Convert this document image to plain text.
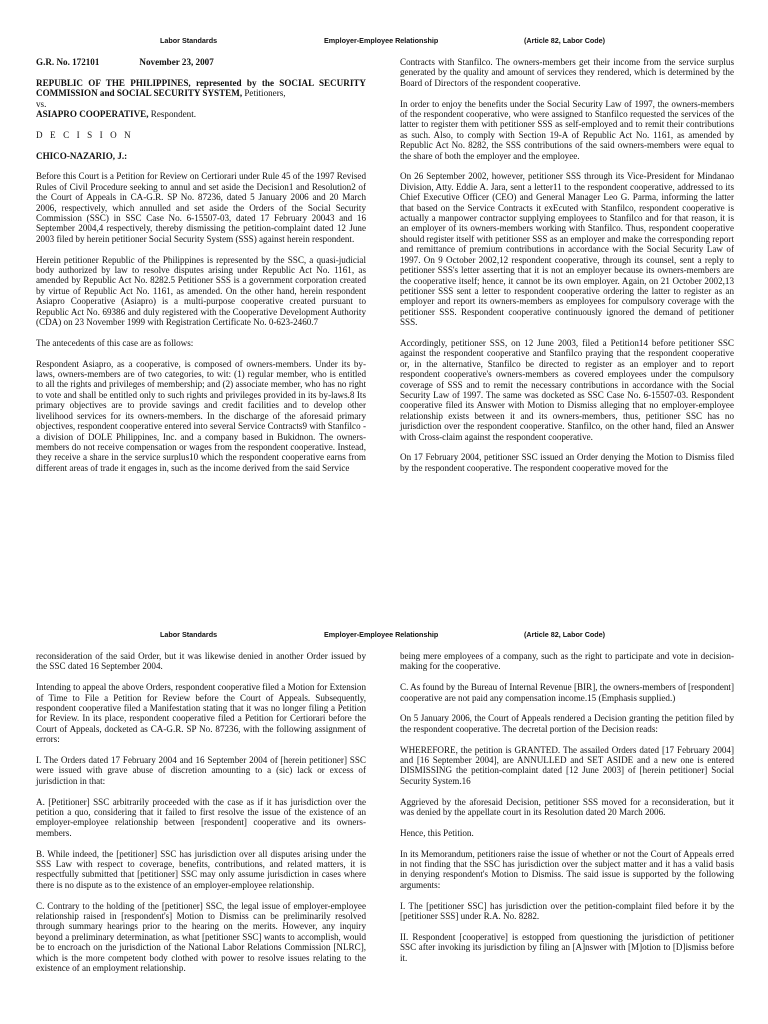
Labor Standards	Employer-Employee Relationship	(Article 82, Labor Code)
G.R. No. 172101	November 23, 2007
REPUBLIC OF THE PHILIPPINES, represented by the SOCIAL SECURITY COMMISSION and SOCIAL SECURITY SYSTEM, Petitioners,
vs.
ASIAPRO COOPERATIVE, Respondent.

D E C I S I O N

CHICO-NAZARIO, J.:

Before this Court is a Petition for Review on Certiorari under Rule 45 of the 1997 Revised Rules of Civil Procedure seeking to annul and set aside the Decision1 and Resolution2 of the Court of Appeals in CA-G.R. SP No. 87236, dated 5 January 2006 and 20 March 2006, respectively, which annulled and set aside the Orders of the Social Security Commission (SSC) in SSC Case No. 6-15507-03, dated 17 February 20043 and 16 September 2004,4 respectively, thereby dismissing the petition-complaint dated 12 June 2003 filed by herein petitioner Social Security System (SSS) against herein respondent.

Herein petitioner Republic of the Philippines is represented by the SSC, a quasi-judicial body authorized by law to resolve disputes arising under Republic Act No. 1161, as amended by Republic Act No. 8282.5 Petitioner SSS is a government corporation created by virtue of Republic Act No. 1161, as amended. On the other hand, herein respondent Asiapro Cooperative (Asiapro) is a multi-purpose cooperative created pursuant to Republic Act No. 69386 and duly registered with the Cooperative Development Authority (CDA) on 23 November 1999 with Registration Certificate No. 0-623-2460.7

The antecedents of this case are as follows:

Respondent Asiapro, as a cooperative, is composed of owners-members. Under its by-laws, owners-members are of two categories, to wit: (1) regular member, who is entitled to all the rights and privileges of membership; and (2) associate member, who has no right to vote and shall be entitled only to such rights and privileges provided in its by-laws.8 Its primary objectives are to provide savings and credit facilities and to develop other livelihood services for its owners-members. In the discharge of the aforesaid primary objectives, respondent cooperative entered into several Service Contracts9 with Stanfilco - a division of DOLE Philippines, Inc. and a company based in Bukidnon. The owners-members do not receive compensation or wages from the respondent cooperative. Instead, they receive a share in the service surplus10 which the respondent cooperative earns from different areas of trade it engages in, such as the income derived from the said Service

Contracts with Stanfilco. The owners-members get their income from the service surplus generated by the quality and amount of services they rendered, which is determined by the Board of Directors of the respondent cooperative.

In order to enjoy the benefits under the Social Security Law of 1997, the owners-members of the respondent cooperative, who were assigned to Stanfilco requested the services of the latter to register them with petitioner SSS as self-employed and to remit their contributions as such. Also, to comply with Section 19-A of Republic Act No. 1161, as amended by Republic Act No. 8282, the SSS contributions of the said owners-members were equal to the share of both the employer and the employee.

On 26 September 2002, however, petitioner SSS through its Vice-President for Mindanao Division, Atty. Eddie A. Jara, sent a letter11 to the respondent cooperative, addressed to its Chief Executive Officer (CEO) and General Manager Leo G. Parma, informing the latter that based on the Service Contracts it exEcuted with Stanfilco, respondent cooperative is actually a manpower contractor supplying employees to Stanfilco and for that reason, it is an employer of its owners-members working with Stanfilco. Thus, respondent cooperative should register itself with petitioner SSS as an employer and make the corresponding report and remittance of premium contributions in accordance with the Social Security Law of 1997. On 9 October 2002,12 respondent cooperative, through its counsel, sent a reply to petitioner SSS's letter asserting that it is not an employer because its owners-members are the cooperative itself; hence, it cannot be its own employer. Again, on 21 October 2002,13 petitioner SSS sent a letter to respondent cooperative ordering the latter to register as an employer and report its owners-members as employees for compulsory coverage with the petitioner SSS. Respondent cooperative continuously ignored the demand of petitioner SSS.

Accordingly, petitioner SSS, on 12 June 2003, filed a Petition14 before petitioner SSC against the respondent cooperative and Stanfilco praying that the respondent cooperative or, in the alternative, Stanfilco be directed to register as an employer and to report respondent cooperative's owners-members as covered employees under the compulsory coverage of SSS and to remit the necessary contributions in accordance with the Social Security Law of 1997. The same was docketed as SSC Case No. 6-15507-03. Respondent cooperative filed its Answer with Motion to Dismiss alleging that no employer-employee relationship exists between it and its owners-members, thus, petitioner SSC has no jurisdiction over the respondent cooperative. Stanfilco, on the other hand, filed an Answer with Cross-claim against the respondent cooperative.

On 17 February 2004, petitioner SSC issued an Order denying the Motion to Dismiss filed by the respondent cooperative. The respondent cooperative moved for the

Labor Standards	Employer-Employee Relationship	(Article 82, Labor Code)

reconsideration of the said Order, but it was likewise denied in another Order issued by the SSC dated 16 September 2004.

Intending to appeal the above Orders, respondent cooperative filed a Motion for Extension of Time to File a Petition for Review before the Court of Appeals. Subsequently, respondent cooperative filed a Manifestation stating that it was no longer filing a Petition for Review. In its place, respondent cooperative filed a Petition for Certiorari before the Court of Appeals, docketed as CA-G.R. SP No. 87236, with the following assignment of errors:

I. The Orders dated 17 February 2004 and 16 September 2004 of [herein petitioner] SSC were issued with grave abuse of discretion amounting to a (sic) lack or excess of jurisdiction in that:

A. [Petitioner] SSC arbitrarily proceeded with the case as if it has jurisdiction over the petition a quo, considering that it failed to first resolve the issue of the existence of an employer-employee relationship between [respondent] cooperative and its owners-members.

B. While indeed, the [petitioner] SSC has jurisdiction over all disputes arising under the SSS Law with respect to coverage, benefits, contributions, and related matters, it is respectfully submitted that [petitioner] SSC may only assume jurisdiction in cases where there is no dispute as to the existence of an employer-employee relationship.

C. Contrary to the holding of the [petitioner] SSC, the legal issue of employer-employee relationship raised in [respondent's] Motion to Dismiss can be preliminarily resolved through summary hearings prior to the hearing on the merits. However, any inquiry beyond a preliminary determination, as what [petitioner SSC] wants to accomplish, would be to encroach on the jurisdiction of the National Labor Relations Commission [NLRC], which is the more competent body clothed with power to resolve issues relating to the existence of an employment relationship.

being mere employees of a company, such as the right to participate and vote in decision-making for the cooperative.

C. As found by the Bureau of Internal Revenue [BIR], the owners-members of [respondent] cooperative are not paid any compensation income.15 (Emphasis supplied.)

On 5 January 2006, the Court of Appeals rendered a Decision granting the petition filed by the respondent cooperative. The decretal portion of the Decision reads:

WHEREFORE, the petition is GRANTED. The assailed Orders dated [17 February 2004] and [16 September 2004], are ANNULLED and SET ASIDE and a new one is entered DISMISSING the petition-complaint dated [12 June 2003] of [herein petitioner] Social Security System.16

Aggrieved by the aforesaid Decision, petitioner SSS moved for a reconsideration, but it was denied by the appellate court in its Resolution dated 20 March 2006.

Hence, this Petition.

In its Memorandum, petitioners raise the issue of whether or not the Court of Appeals erred in not finding that the SSC has jurisdiction over the subject matter and it has a valid basis in denying respondent's Motion to Dismiss. The said issue is supported by the following arguments:

I. The [petitioner SSC] has jurisdiction over the petition-complaint filed before it by the [petitioner SSS] under R.A. No. 8282.

II. Respondent [cooperative] is estopped from questioning the jurisdiction of petitioner SSC after invoking its jurisdiction by filing an [A]nswer with [M]otion to [D]ismiss before it.
